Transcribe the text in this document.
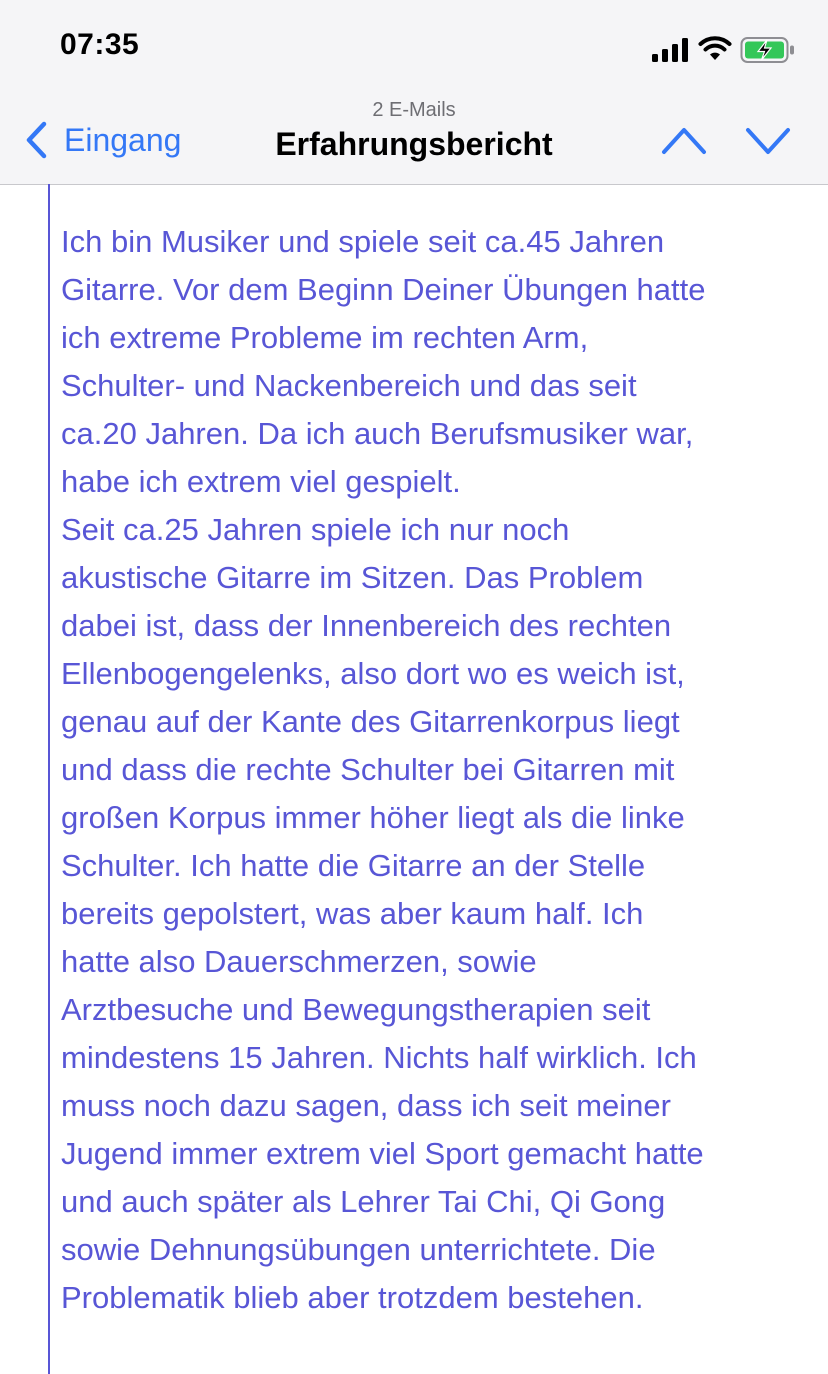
07:35
Eingang
2 E-Mails
Erfahrungsbericht
Ich bin Musiker und spiele seit ca.45 Jahren
Gitarre. Vor dem Beginn Deiner Übungen hatte
ich extreme Probleme im rechten Arm,
Schulter- und Nackenbereich und das seit
ca.20 Jahren. Da ich auch Berufsmusiker war,
habe ich extrem viel gespielt.
Seit ca.25 Jahren spiele ich nur noch
akustische Gitarre im Sitzen. Das Problem
dabei ist, dass der Innenbereich des rechten
Ellenbogengelenks, also dort wo es weich ist,
genau auf der Kante des Gitarrenkorpus liegt
und dass die rechte Schulter bei Gitarren mit
großen Korpus immer höher liegt als die linke
Schulter. Ich hatte die Gitarre an der Stelle
bereits gepolstert, was aber kaum half. Ich
hatte also Dauerschmerzen, sowie
Arztbesuche und Bewegungstherapien seit
mindestens 15 Jahren. Nichts half wirklich. Ich
muss noch dazu sagen, dass ich seit meiner
Jugend immer extrem viel Sport gemacht hatte
und auch später als Lehrer Tai Chi, Qi Gong
sowie Dehnungsübungen unterrichtete. Die
Problematik blieb aber trotzdem bestehen.
